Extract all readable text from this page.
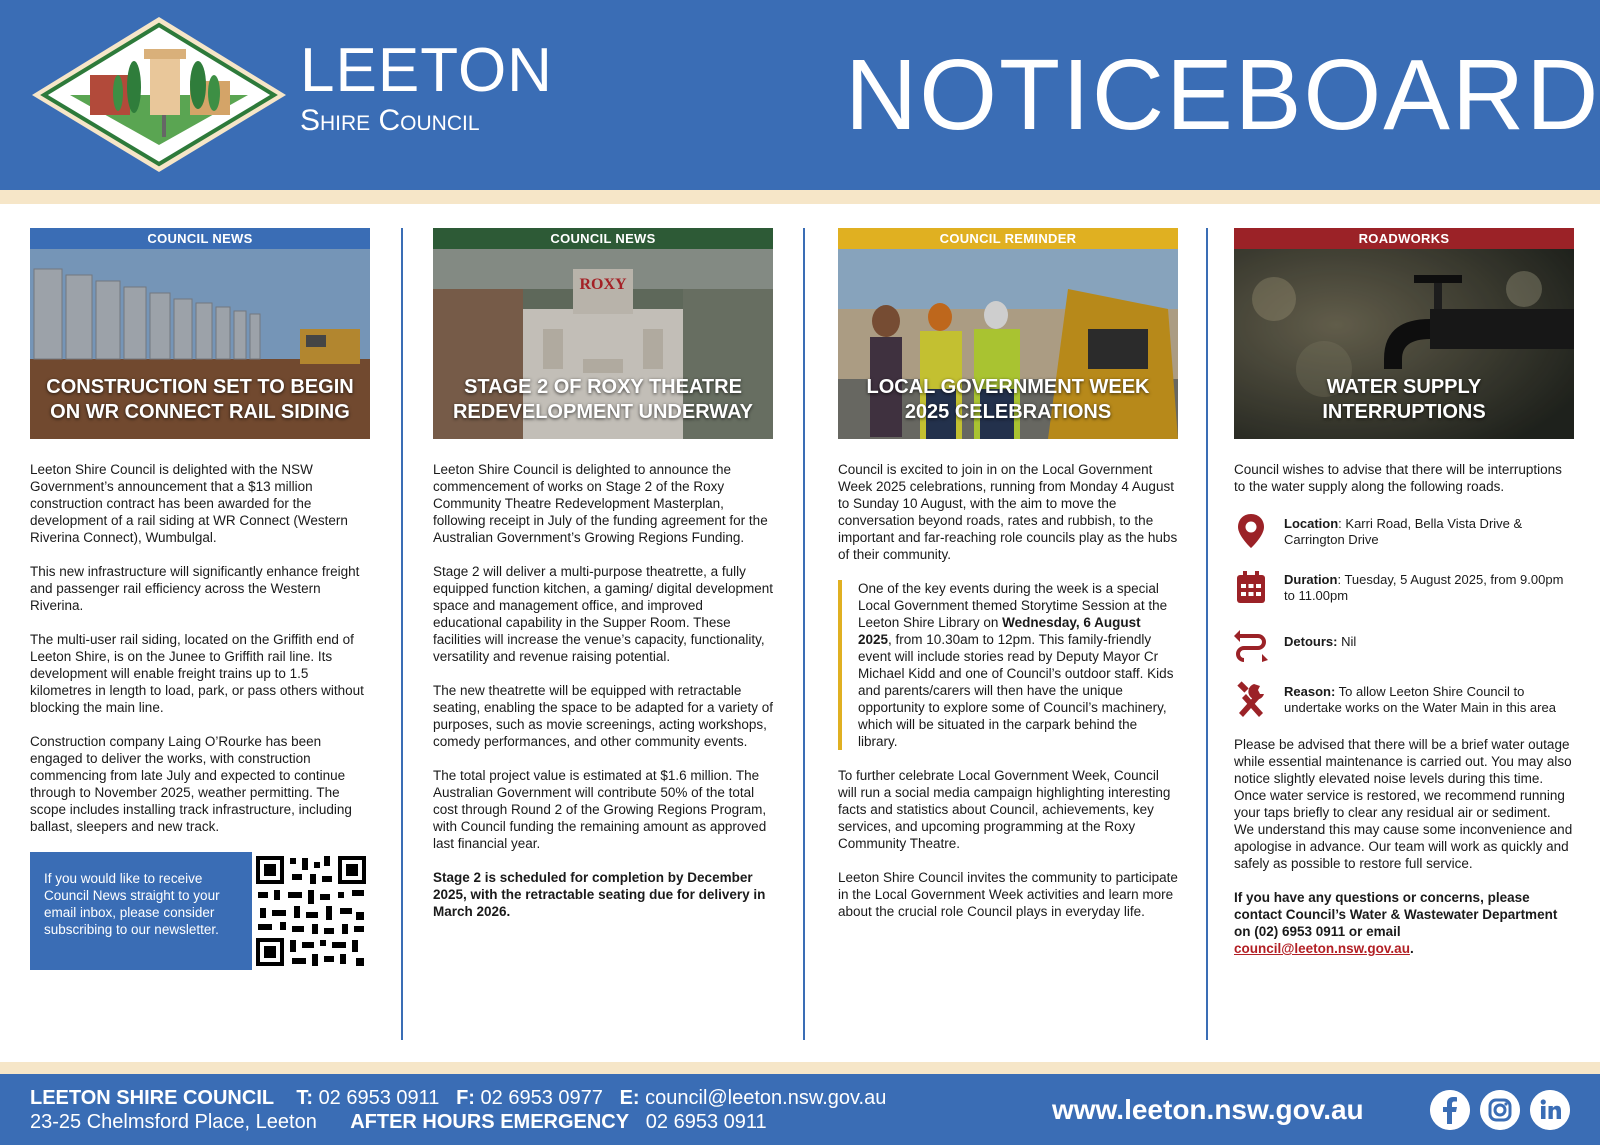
LEETON
Shire Council	NOTICEBOARD
COUNCIL NEWS
CONSTRUCTION SET TO BEGIN
ON WR CONNECT RAIL SIDING

Leeton Shire Council is delighted with the NSW Government’s announcement that a $13 million construction contract has been awarded for the development of a rail siding at WR Connect (Western Riverina Connect), Wumbulgal.

This new infrastructure will significantly enhance freight and passenger rail efficiency across the Western Riverina.

The multi-user rail siding, located on the Griffith end of Leeton Shire, is on the Junee to Griffith rail line. Its development will enable freight trains up to 1.5 kilometres in length to load, park, or pass others without blocking the main line.

Construction company Laing O’Rourke has been engaged to deliver the works, with construction commencing from late July and expected to continue through to November 2025, weather permitting. The scope includes installing track infrastructure, including ballast, sleepers and new track.

If you would like to receive Council News straight to your email inbox, please consider subscribing to our newsletter.
COUNCIL NEWS
ROXY
STAGE 2 OF ROXY THEATRE
REDEVELOPMENT UNDERWAY

Leeton Shire Council is delighted to announce the commencement of works on Stage 2 of the Roxy Community Theatre Redevelopment Masterplan, following receipt in July of the funding agreement for the Australian Government’s Growing Regions Funding.

Stage 2 will deliver a multi-purpose theatrette, a fully equipped function kitchen, a gaming/ digital development space and management office, and improved educational capability in the Supper Room. These facilities will increase the venue’s capacity, functionality, versatility and revenue raising potential.

The new theatrette will be equipped with retractable seating, enabling the space to be adapted for a variety of purposes, such as movie screenings, acting workshops, comedy performances, and other community events.

The total project value is estimated at $1.6 million. The Australian Government will contribute 50% of the total cost through Round 2 of the Growing Regions Program, with Council funding the remaining amount as approved last financial year.

Stage 2 is scheduled for completion by December 2025, with the retractable seating due for delivery in March 2026.

COUNCIL REMINDER
LOCAL GOVERNMENT WEEK
2025 CELEBRATIONS

Council is excited to join in on the Local Government Week 2025 celebrations, running from Monday 4 August to Sunday 10 August, with the aim to move the conversation beyond roads, rates and rubbish, to the important and far-reaching role councils play as the hubs of their community.

One of the key events during the week is a special Local Government themed Storytime Session at the Leeton Shire Library on Wednesday, 6 August 2025, from 10.30am to 12pm. This family-friendly event will include stories read by Deputy Mayor Cr Michael Kidd and one of Council’s outdoor staff. Kids and parents/carers will then have the unique opportunity to explore some of Council’s machinery, which will be situated in the carpark behind the library.

To further celebrate Local Government Week, Council will run a social media campaign highlighting interesting facts and statistics about Council, achievements, key services, and upcoming programming at the Roxy Community Theatre.

Leeton Shire Council invites the community to participate in the Local Government Week activities and learn more about the crucial role Council plays in everyday life.

ROADWORKS
WATER SUPPLY
INTERRUPTIONS

Council wishes to advise that there will be interruptions to the water supply along the following roads.

Location: Karri Road, Bella Vista Drive & Carrington Drive
Duration: Tuesday, 5 August 2025, from 9.00pm to 11.00pm
Detours: Nil
Reason: To allow Leeton Shire Council to undertake works on the Water Main in this area

Please be advised that there will be a brief water outage while essential maintenance is carried out. You may also notice slightly elevated noise levels during this time. Once water service is restored, we recommend running your taps briefly to clear any residual air or sediment. We understand this may cause some inconvenience and apologise in advance. Our team will work as quickly and safely as possible to restore full service.

If you have any questions or concerns, please contact Council’s Water & Wastewater Department on (02) 6953 0911 or email council@leeton.nsw.gov.au.

LEETON SHIRE COUNCIL T: 02 6953 0911 F: 02 6953 0977 E: council@leeton.nsw.gov.au
23-25 Chelmsford Place, Leeton AFTER HOURS EMERGENCY 02 6953 0911	www.leeton.nsw.gov.au
